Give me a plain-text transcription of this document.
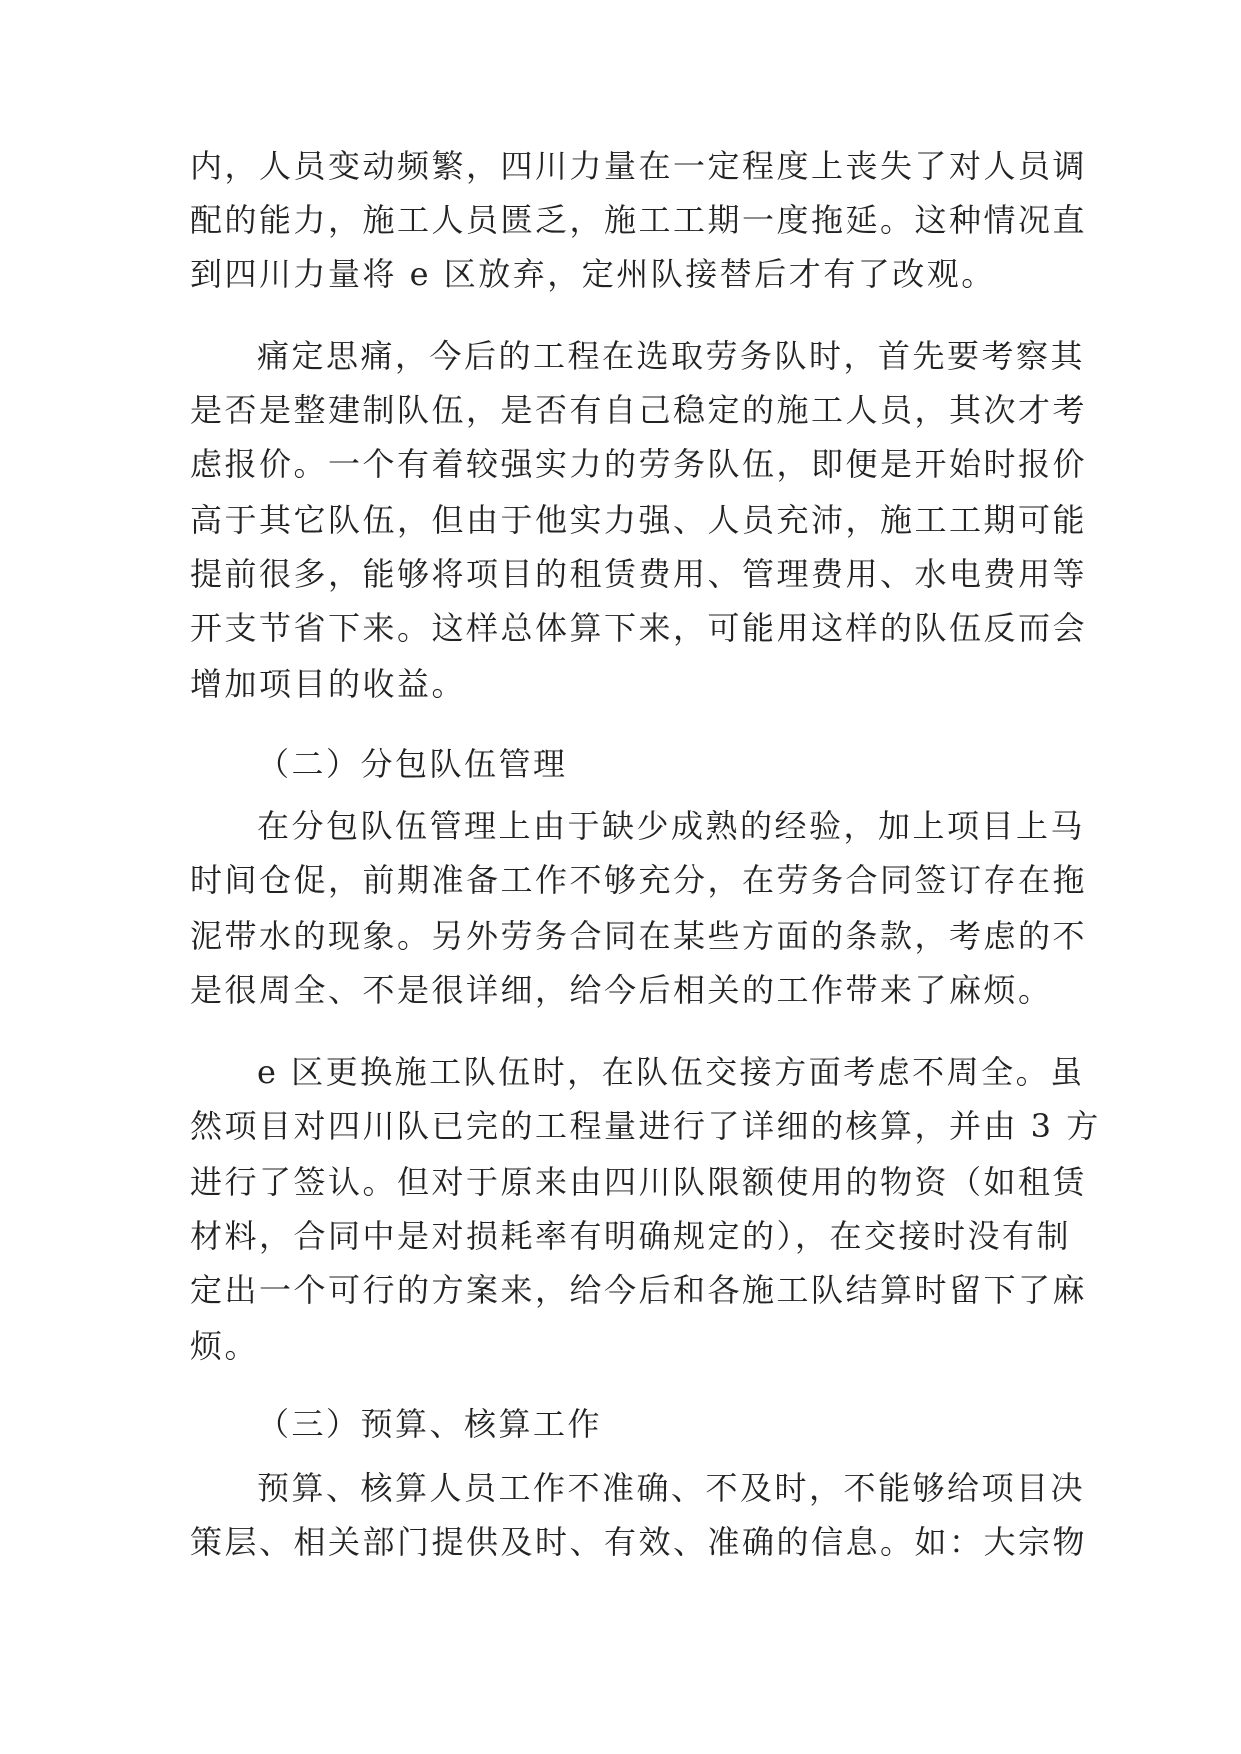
内，人员变动频繁，四川力量在一定程度上丧失了对人员调
配的能力，施工人员匮乏，施工工期一度拖延。这种情况直
到四川力量将 e 区放弃，定州队接替后才有了改观。
痛定思痛，今后的工程在选取劳务队时，首先要考察其
是否是整建制队伍，是否有自己稳定的施工人员，其次才考
虑报价。一个有着较强实力的劳务队伍，即便是开始时报价
高于其它队伍，但由于他实力强、人员充沛，施工工期可能
提前很多，能够将项目的租赁费用、管理费用、水电费用等
开支节省下来。这样总体算下来，可能用这样的队伍反而会
增加项目的收益。
（二）分包队伍管理
在分包队伍管理上由于缺少成熟的经验，加上项目上马
时间仓促，前期准备工作不够充分，在劳务合同签订存在拖
泥带水的现象。另外劳务合同在某些方面的条款，考虑的不
是很周全、不是很详细，给今后相关的工作带来了麻烦。
e 区更换施工队伍时，在队伍交接方面考虑不周全。虽
然项目对四川队已完的工程量进行了详细的核算，并由 3 方
进行了签认。但对于原来由四川队限额使用的物资（如租赁
材料，合同中是对损耗率有明确规定的），在交接时没有制
定出一个可行的方案来，给今后和各施工队结算时留下了麻
烦。
（三）预算、核算工作
预算、核算人员工作不准确、不及时，不能够给项目决
策层、相关部门提供及时、有效、准确的信息。如：大宗物
